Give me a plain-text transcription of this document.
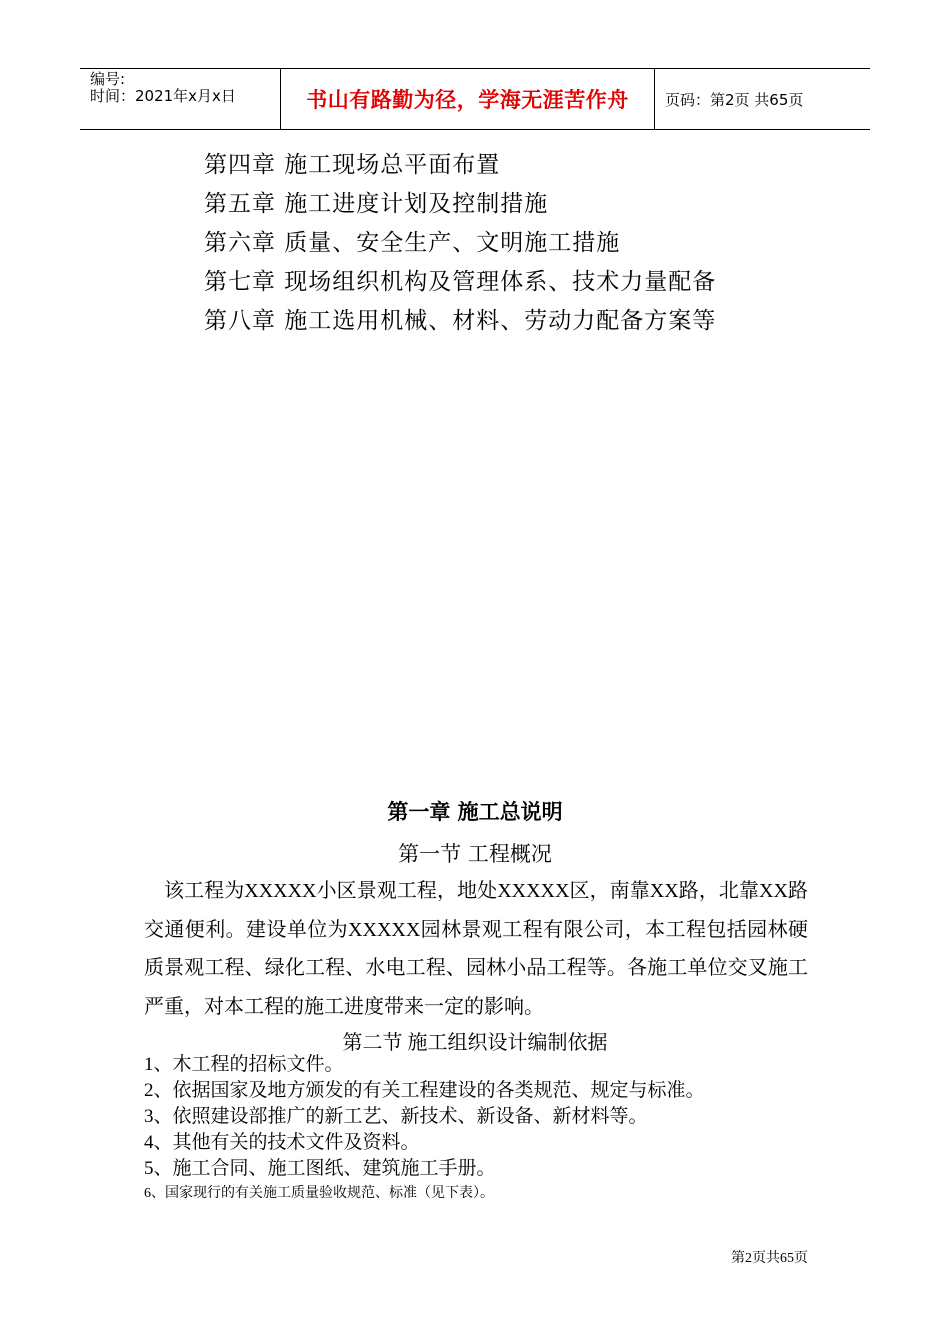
编号:
时间：2021年x月x日	书山有路勤为径，学海无涯苦作舟	页码：第2页 共65页
第四章 施工现场总平面布置
第五章 施工进度计划及控制措施
第六章 质量、安全生产、文明施工措施
第七章 现场组织机构及管理体系、技术力量配备
第八章 施工选用机械、材料、劳动力配备方案等
第一章 施工总说明
第一节 工程概况
该工程为XXXXX小区景观工程，地处XXXXX区，南靠XX路，北靠XX路交通便利。建设单位为XXXXX园林景观工程有限公司，本工程包括园林硬质景观工程、绿化工程、水电工程、园林小品工程等。各施工单位交叉施工严重，对本工程的施工进度带来一定的影响。
第二节 施工组织设计编制依据
1、木工程的招标文件。
2、依据国家及地方颁发的有关工程建设的各类规范、规定与标准。
3、依照建设部推广的新工艺、新技术、新设备、新材料等。
4、其他有关的技术文件及资料。
5、施工合同、施工图纸、建筑施工手册。
6、国家现行的有关施工质量验收规范、标准（见下表）。
第2页共65页
